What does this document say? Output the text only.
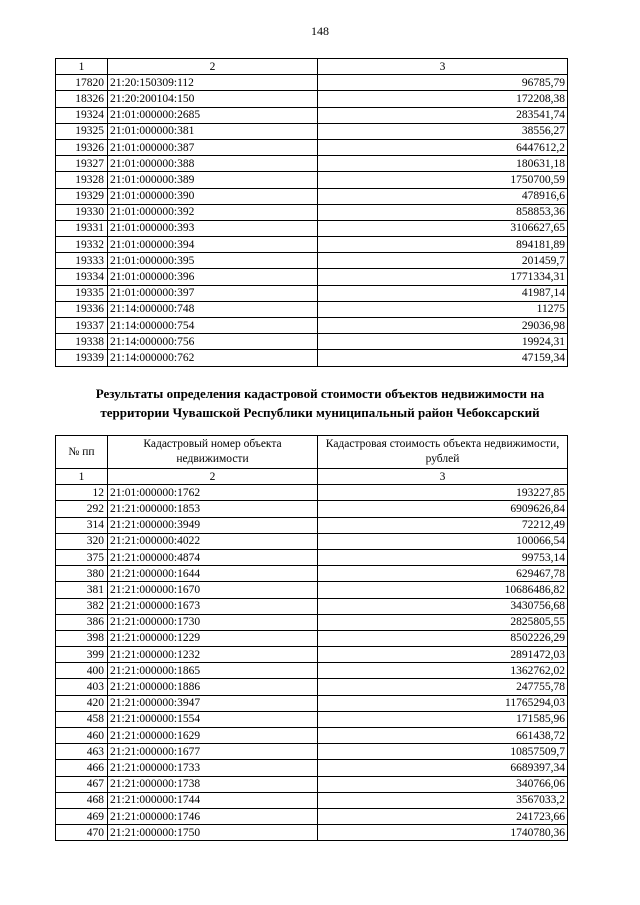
148
1	2	3
17820	21:20:150309:112	96785,79
18326	21:20:200104:150	172208,38
19324	21:01:000000:2685	283541,74
19325	21:01:000000:381	38556,27
19326	21:01:000000:387	6447612,2
19327	21:01:000000:388	180631,18
19328	21:01:000000:389	1750700,59
19329	21:01:000000:390	478916,6
19330	21:01:000000:392	858853,36
19331	21:01:000000:393	3106627,65
19332	21:01:000000:394	894181,89
19333	21:01:000000:395	201459,7
19334	21:01:000000:396	1771334,31
19335	21:01:000000:397	41987,14
19336	21:14:000000:748	11275
19337	21:14:000000:754	29036,98
19338	21:14:000000:756	19924,31
19339	21:14:000000:762	47159,34
Результаты определения кадастровой стоимости объектов недвижимости на
территории Чувашской Республики муниципальный район Чебоксарский
№ пп	Кадастровый номер объекта недвижимости	Кадастровая стоимость объекта недвижимости, рублей
1	2	3
12	21:01:000000:1762	193227,85
292	21:21:000000:1853	6909626,84
314	21:21:000000:3949	72212,49
320	21:21:000000:4022	100066,54
375	21:21:000000:4874	99753,14
380	21:21:000000:1644	629467,78
381	21:21:000000:1670	10686486,82
382	21:21:000000:1673	3430756,68
386	21:21:000000:1730	2825805,55
398	21:21:000000:1229	8502226,29
399	21:21:000000:1232	2891472,03
400	21:21:000000:1865	1362762,02
403	21:21:000000:1886	247755,78
420	21:21:000000:3947	11765294,03
458	21:21:000000:1554	171585,96
460	21:21:000000:1629	661438,72
463	21:21:000000:1677	10857509,7
466	21:21:000000:1733	6689397,34
467	21:21:000000:1738	340766,06
468	21:21:000000:1744	3567033,2
469	21:21:000000:1746	241723,66
470	21:21:000000:1750	1740780,36
